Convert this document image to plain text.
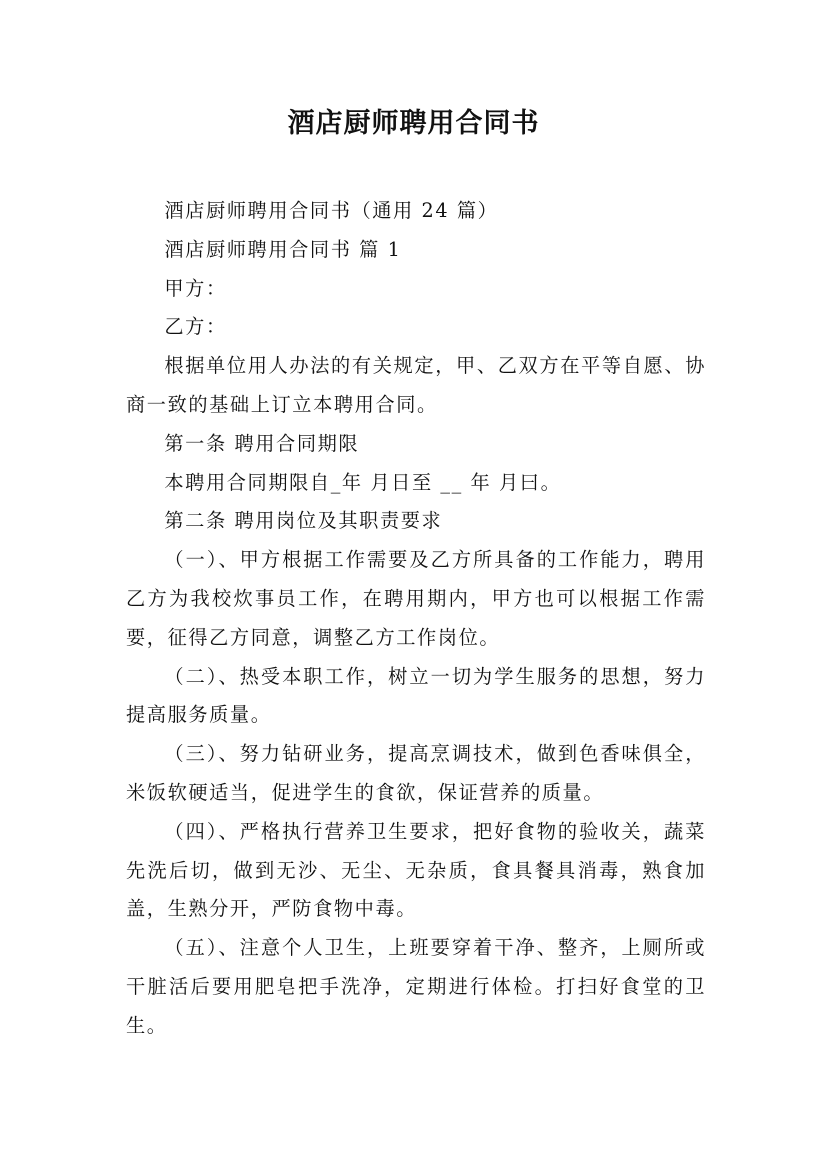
酒店厨师聘用合同书

酒店厨师聘用合同书（通用 24 篇）

酒店厨师聘用合同书 篇 1

甲方：

乙方：

根据单位用人办法的有关规定，甲、乙双方在平等自愿、协商一致的基础上订立本聘用合同。

第一条 聘用合同期限

本聘用合同期限自_年 月日至 __ 年 月曰。

第二条 聘用岗位及其职责要求

（一）、甲方根据工作需要及乙方所具备的工作能力，聘用乙方为我校炊事员工作，在聘用期内，甲方也可以根据工作需要，征得乙方同意，调整乙方工作岗位。

（二）、热受本职工作，树立一切为学生服务的思想，努力提高服务质量。

（三）、努力钻研业务，提高烹调技术，做到色香味俱全，米饭软硬适当，促进学生的食欲，保证营养的质量。

（四）、严格执行营养卫生要求，把好食物的验收关，蔬菜先洗后切，做到无沙、无尘、无杂质，食具餐具消毒，熟食加盖，生熟分开，严防食物中毒。

（五）、注意个人卫生，上班要穿着干净、整齐，上厕所或干脏活后要用肥皂把手洗净，定期进行体检。打扫好食堂的卫生。
